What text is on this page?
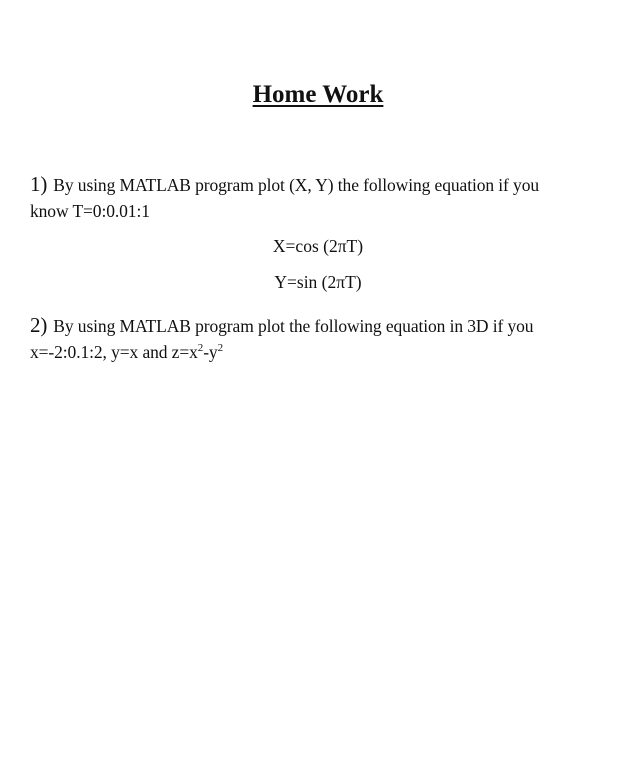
Home Work
1) By using MATLAB program plot (X, Y) the following equation if you
know T=0:0.01:1
X=cos (2πT)
Y=sin (2πT)
2) By using MATLAB program plot the following equation in 3D if you
x=-2:0.1:2, y=x and $z=x^2-y^2$
